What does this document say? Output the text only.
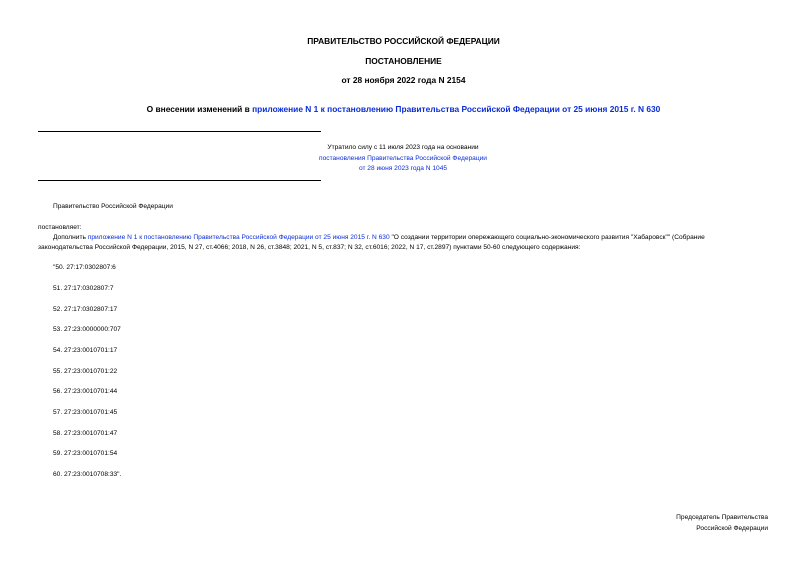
ПРАВИТЕЛЬСТВО РОССИЙСКОЙ ФЕДЕРАЦИИ
ПОСТАНОВЛЕНИЕ
от 28 ноября 2022 года N 2154
О внесении изменений в приложение N 1 к постановлению Правительства Российской Федерации от 25 июня 2015 г. N 630
Утратило силу с 11 июля 2023 года на основании
постановления Правительства Российской Федерации
от 28 июня 2023 года N 1045
Правительство Российской Федерации
постановляет:
Дополнить приложение N 1 к постановлению Правительства Российской Федерации от 25 июня 2015 г. N 630 "О создании территории опережающего социально-экономического развития "Хабаровск"" (Собрание
законодательства Российской Федерации, 2015, N 27, ст.4066; 2018, N 26, ст.3848; 2021, N 5, ст.837; N 32, ст.6016; 2022, N 17, ст.2897) пунктами 50-60 следующего содержания:
"50. 27:17:0302807:6
51. 27:17:0302807:7
52. 27:17:0302807:17
53. 27:23:0000000:707
54. 27:23:0010701:17
55. 27:23:0010701:22
56. 27:23:0010701:44
57. 27:23:0010701:45
58. 27:23:0010701:47
59. 27:23:0010701:54
60. 27:23:0010708:33".
Председатель Правительства
Российской Федерации
